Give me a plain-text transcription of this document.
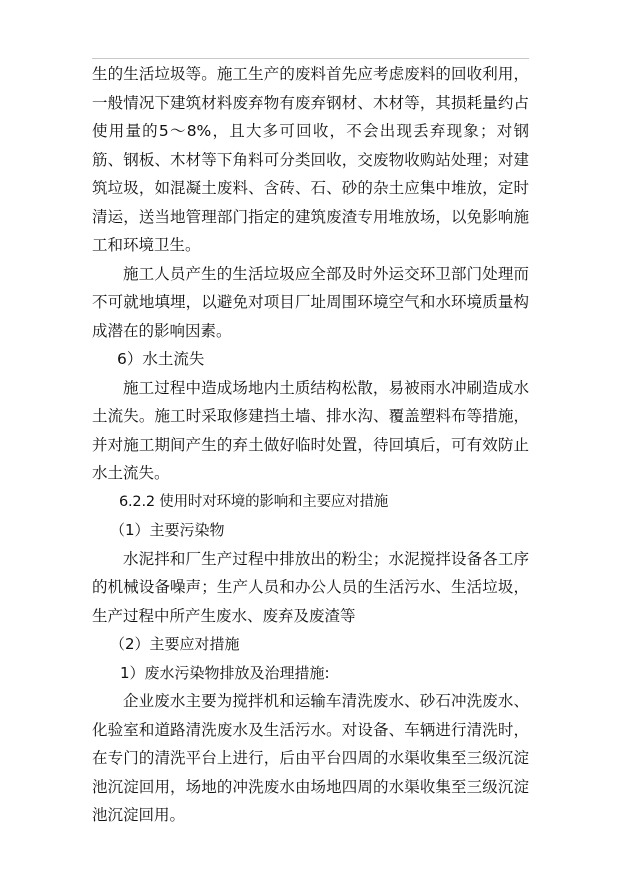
生的生活垃圾等。施工生产的废料首先应考虑废料的回收利用，一般情况下建筑材料废弃物有废弃钢材、木材等，其损耗量约占使用量的5～8%，且大多可回收，不会出现丢弃现象；对钢筋、钢板、木材等下角料可分类回收，交废物收购站处理；对建筑垃圾，如混凝土废料、含砖、石、砂的杂土应集中堆放，定时清运，送当地管理部门指定的建筑废渣专用堆放场，以免影响施工和环境卫生。

施工人员产生的生活垃圾应全部及时外运交环卫部门处理而不可就地填埋，以避免对项目厂址周围环境空气和水环境质量构成潜在的影响因素。

6）水土流失

施工过程中造成场地内土质结构松散，易被雨水冲刷造成水土流失。施工时采取修建挡土墙、排水沟、覆盖塑料布等措施，并对施工期间产生的弃土做好临时处置，待回填后，可有效防止水土流失。

6.2.2 使用时对环境的影响和主要应对措施

（1）主要污染物

水泥拌和厂生产过程中排放出的粉尘；水泥搅拌设备各工序的机械设备噪声；生产人员和办公人员的生活污水、生活垃圾，生产过程中所产生废水、废弃及废渣等

（2）主要应对措施

1）废水污染物排放及治理措施:

企业废水主要为搅拌机和运输车清洗废水、砂石冲洗废水、化验室和道路清洗废水及生活污水。对设备、车辆进行清洗时，在专门的清洗平台上进行，后由平台四周的水渠收集至三级沉淀池沉淀回用，场地的冲洗废水由场地四周的水渠收集至三级沉淀池沉淀回用。
